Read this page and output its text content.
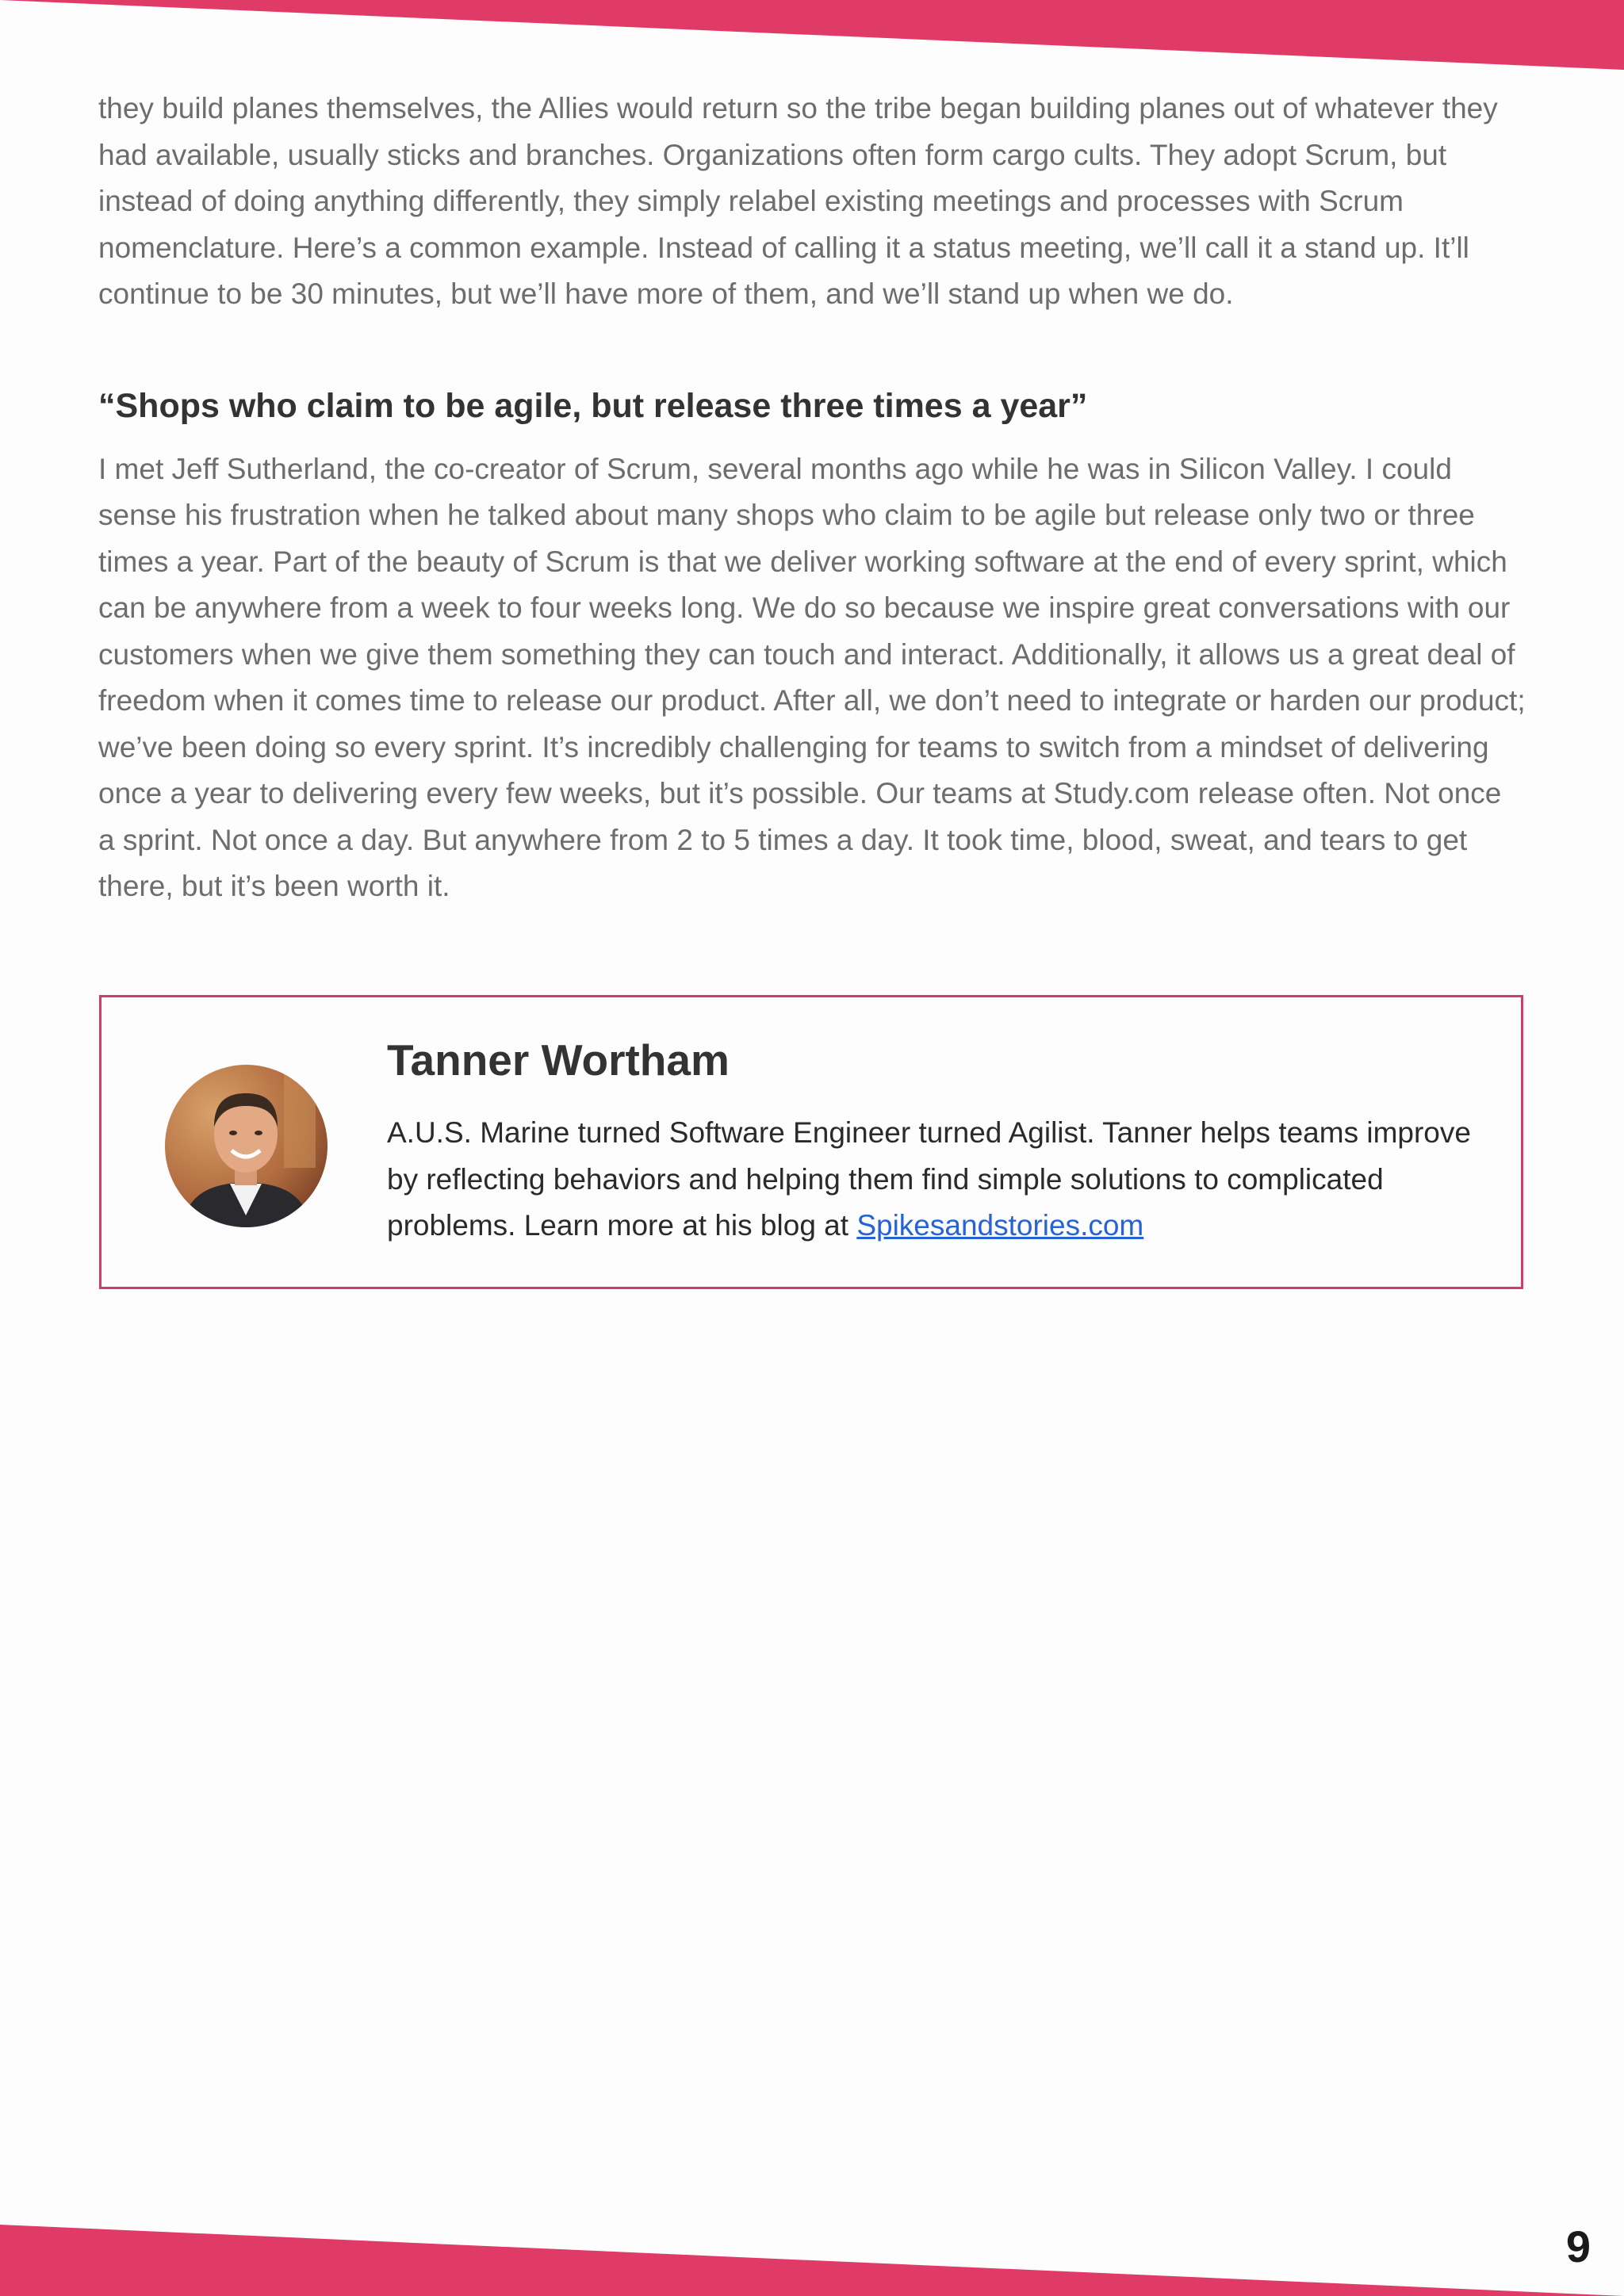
they build planes themselves, the Allies would return so the tribe began building planes out of whatever they had available, usually sticks and branches. Organizations often form cargo cults. They adopt Scrum, but instead of doing anything differently, they simply relabel existing meetings and processes with Scrum nomenclature. Here’s a common example. Instead of calling it a status meeting, we’ll call it a stand up. It’ll continue to be 30 minutes, but we’ll have more of them, and we’ll stand up when we do.

“Shops who claim to be agile, but release three times a year”

I met Jeff Sutherland, the co-creator of Scrum, several months ago while he was in Silicon Valley. I could sense his frustration when he talked about many shops who claim to be agile but release only two or three times a year. Part of the beauty of Scrum is that we deliver working software at the end of every sprint, which can be anywhere from a week to four weeks long. We do so because we inspire great conversations with our customers when we give them something they can touch and interact. Additionally, it allows us a great deal of freedom when it comes time to release our product. After all, we don’t need to integrate or harden our product; we’ve been doing so every sprint. It’s incredibly challenging for teams to switch from a mindset of delivering once a year to delivering every few weeks, but it’s possible. Our teams at Study.com release often. Not once a sprint. Not once a day. But anywhere from 2 to 5 times a day. It took time, blood, sweat, and tears to get there, but it’s been worth it.

Tanner Wortham

A.U.S. Marine turned Software Engineer turned Agilist. Tanner helps teams improve by reflecting behaviors and helping them find simple solutions to complicated problems. Learn more at his blog at Spikesandstories.com

9
